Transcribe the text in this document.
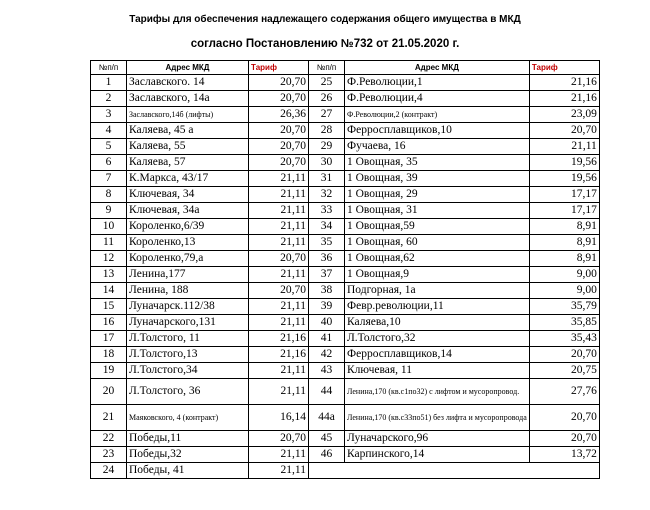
Тарифы для обеспечения надлежащего содержания общего имущества в МКД
согласно Постановлению №732 от 21.05.2020 г.
№п/п	Адрес МКД	Тариф	№п/п	Адрес МКД	Тариф
1	Заславского. 14	20,70	25	Ф.Революции,1	21,16
2	Заславского, 14а	20,70	26	Ф.Революции,4	21,16
3	Заславского,14б (лифты)	26,36	27	Ф.Революции,2 (контракт)	23,09
4	Каляева, 45 а	20,70	28	Ферросплавщиков,10	20,70
5	Каляева, 55	20,70	29	Фучаева, 16	21,11
6	Каляева, 57	20,70	30	1 Овощная, 35	19,56
7	К.Маркса, 43/17	21,11	31	1 Овощная, 39	19,56
8	Ключевая, 34	21,11	32	1 Овощная, 29	17,17
9	Ключевая, 34а	21,11	33	1 Овощная, 31	17,17
10	Короленко,6/39	21,11	34	1 Овощная,59	8,91
11	Короленко,13	21,11	35	1 Овощная, 60	8,91
12	Короленко,79,а	20,70	36	1 Овощная,62	8,91
13	Ленина,177	21,11	37	1 Овощная,9	9,00
14	Ленина, 188	20,70	38	Подгорная, 1а	9,00
15	Луначарск.112/38	21,11	39	Февр.революции,11	35,79
16	Луначарского,131	21,11	40	Каляева,10	35,85
17	Л.Толстого, 11	21,16	41	Л.Толстого,32	35,43
18	Л.Толстого,13	21,16	42	Ферросплавщиков,14	20,70
19	Л.Толстого,34	21,11	43	Ключевая, 11	20,75
20	Л.Толстого, 36	21,11	44	Ленина,170 (кв.с1по32) с лифтом и мусоропровод.	27,76
21	Маяковского, 4 (контракт)	16,14	44а	Ленина,170 (кв.с33по51) без лифта и мусоропровода	20,70
22	Победы,11	20,70	45	Луначарского,96	20,70
23	Победы,32	21,11	46	Карпинского,14	13,72
24	Победы, 41	21,11			
